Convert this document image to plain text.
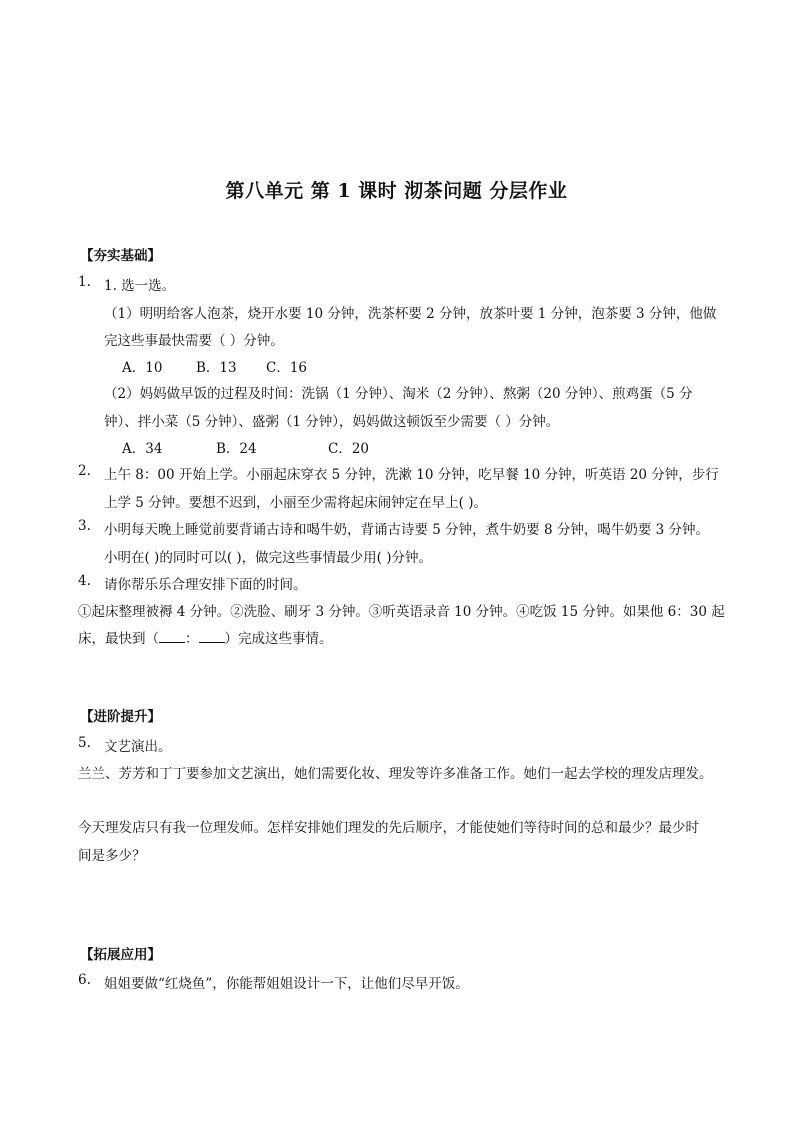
第八单元 第 1 课时 沏茶问题 分层作业
【夯实基础】
1. 1. 选一选。
（1）明明给客人泡茶，烧开水要 10 分钟，洗茶杯要 2 分钟，放茶叶要 1 分钟，泡茶要 3 分钟，他做
完这些事最快需要（ ）分钟。
A．10 B．13 C．16
（2）妈妈做早饭的过程及时间：洗锅（1 分钟）、淘米（2 分钟）、熬粥（20 分钟）、煎鸡蛋（5 分
钟）、拌小菜（5 分钟）、盛粥（1 分钟），妈妈做这顿饭至少需要（ ）分钟。
A．34	B．24	C．20
2. 上午 8：00 开始上学。小丽起床穿衣 5 分钟，洗漱 10 分钟，吃早餐 10 分钟，听英语 20 分钟，步行
上学 5 分钟。要想不迟到，小丽至少需将起床闹钟定在早上( )。
3. 小明每天晚上睡觉前要背诵古诗和喝牛奶，背诵古诗要 5 分钟，煮牛奶要 8 分钟，喝牛奶要 3 分钟。
小明在( )的同时可以( )，做完这些事情最少用( )分钟。
4. 请你帮乐乐合理安排下面的时间。
①起床整理被褥 4 分钟。②洗脸、刷牙 3 分钟。③听英语录音 10 分钟。④吃饭 15 分钟。如果他 6：30 起
床，最快到（ ： ）完成这些事情。
【进阶提升】
5. 文艺演出。
兰兰、芳芳和丁丁要参加文艺演出，她们需要化妆、理发等许多准备工作。她们一起去学校的理发店理发。
今天理发店只有我一位理发师。怎样安排她们理发的先后顺序，才能使她们等待时间的总和最少？最少时
间是多少？
【拓展应用】
6. 姐姐要做“红烧鱼”，你能帮姐姐设计一下，让他们尽早开饭。
